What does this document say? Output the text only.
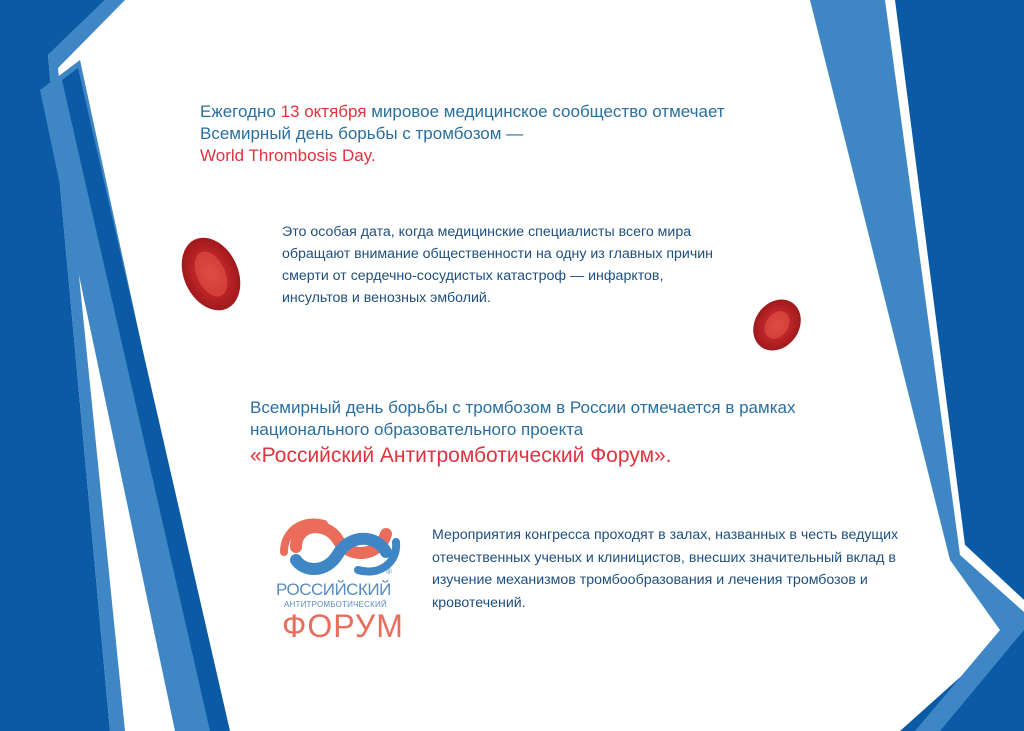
Ежегодно 13 октября мировое медицинское сообщество отмечает Всемирный день борьбы с тромбозом —
World Thrombosis Day.

Это особая дата, когда медицинские специалисты всего мира обращают внимание общественности на одну из главных причин смерти от сердечно-сосудистых катастроф — инфарктов, инсультов и венозных эмболий.

Всемирный день борьбы с тромбозом в России отмечается в рамках национального образовательного проекта
«Российский Антитромботический Форум».

РОССИЙСКИЙ

®

АНТИТРОМБОТИЧЕСКИЙ

ФОРУМ

Мероприятия конгресса проходят в залах, названных в честь ведущих отечественных ученых и клиницистов, внесших значительный вклад в изучение механизмов тромбообразования и лечения тромбозов и кровотечений.
